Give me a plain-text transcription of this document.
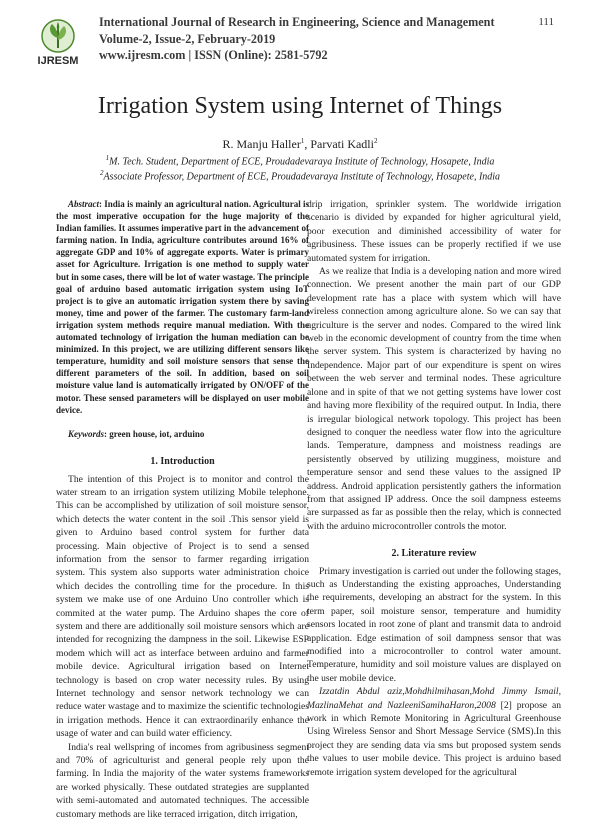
IJRESM
International Journal of Research in Engineering, Science and Management
Volume-2, Issue-2, February-2019
www.ijresm.com | ISSN (Online): 2581-5792
111
Irrigation System using Internet of Things
R. Manju Haller$^1$, Parvati Kadli$^2$
$^1$M. Tech. Student, Department of ECE, Proudadevaraya Institute of Technology, Hosapete, India
$^2$Associate Professor, Department of ECE, Proudadevaraya Institute of Technology, Hosapete, India

Abstract: India is mainly an agricultural nation. Agricultural is the most imperative occupation for the huge majority of the Indian families. It assumes imperative part in the advancement of farming nation. In India, agriculture contributes around 16% of aggregate GDP and 10% of aggregate exports. Water is primary asset for Agriculture. Irrigation is one method to supply water but in some cases, there will be lot of water wastage. The principle goal of arduino based automatic irrigation system using IoT project is to give an automatic irrigation system there by saving money, time and power of the farmer. The customary farm-land irrigation system methods require manual mediation. With the automated technology of irrigation the human mediation can be minimized. In this project, we are utilizing different sensors like temperature, humidity and soil moisture sensors that sense the different parameters of the soil. In addition, based on soil moisture value land is automatically irrigated by ON/OFF of the motor. These sensed parameters will be displayed on user mobile device.

Keywords: green house, iot, arduino

1. Introduction

The intention of this Project is to monitor and control the water stream to an irrigation system utilizing Mobile telephone. This can be accomplished by utilization of soil moisture sensor, which detects the water content in the soil .This sensor yield is given to Arduino based control system for further data processing. Main objective of Project is to send a sensed information from the sensor to farmer regarding irrigation system. This system also supports water administration choice which decides the controlling time for the procedure. In this system we make use of one Arduino Uno controller which is commited at the water pump. The Arduino shapes the core of system and there are additionally soil moisture sensors which are intended for recognizing the dampness in the soil. Likewise ESP modem which will act as interface between arduino and farmer mobile device. Agricultural irrigation based on Internet technology is based on crop water necessity rules. By using Internet technology and sensor network technology we can reduce water wastage and to maximize the scientific technologies in irrigation methods. Hence it can extraordinarily enhance the usage of water and can build water efficiency.

India's real wellspring of incomes from agribusiness segment and 70% of agriculturist and general people rely upon the farming. In India the majority of the water systems frameworks are worked physically. These outdated strategies are supplanted with semi-automated and automated techniques. The accessible customary methods are like terraced irrigation, ditch irrigation,

drip irrigation, sprinkler system. The worldwide irrigation scenario is divided by expanded for higher agricultural yield, poor execution and diminished accessibility of water for agribusiness. These issues can be properly rectified if we use automated system for irrigation.

As we realize that India is a developing nation and more wired connection. We present another the main part of our GDP development rate has a place with system which will have wireless connection among agriculture alone. So we can say that agriculture is the server and nodes. Compared to the wired link web in the economic development of country from the time when the server system. This system is characterized by having no Independence. Major part of our expenditure is spent on wires between the web server and terminal nodes. These agriculture alone and in spite of that we not getting systems have lower cost and having more flexibility of the required output. In India, there is irregular biological network topology. This project has been designed to conquer the needless water flow into the agriculture lands. Temperature, dampness and moistness readings are persistently observed by utilizing mugginess, moisture and temperature sensor and send these values to the assigned IP address. Android application persistently gathers the information from that assigned IP address. Once the soil dampness esteems are surpassed as far as possible then the relay, which is connected with the arduino microcontroller controls the motor.

2. Literature review

Primary investigation is carried out under the following stages, such as Understanding the existing approaches, Understanding the requirements, developing an abstract for the system. In this term paper, soil moisture sensor, temperature and humidity sensors located in root zone of plant and transmit data to android application. Edge estimation of soil dampness sensor that was modified into a microcontroller to control water amount. Temperature, humidity and soil moisture values are displayed on the user mobile device.

Izzatdin Abdul aziz,Mohdhilmihasan,Mohd Jimmy Ismail, MazlinaMehat and NazleeniSamihaHaron,2008 [2] propose an work in which Remote Monitoring in Agricultural Greenhouse Using Wireless Sensor and Short Message Service (SMS).In this project they are sending data via sms but proposed system sends the values to user mobile device. This project is arduino based remote irrigation system developed for the agricultural
